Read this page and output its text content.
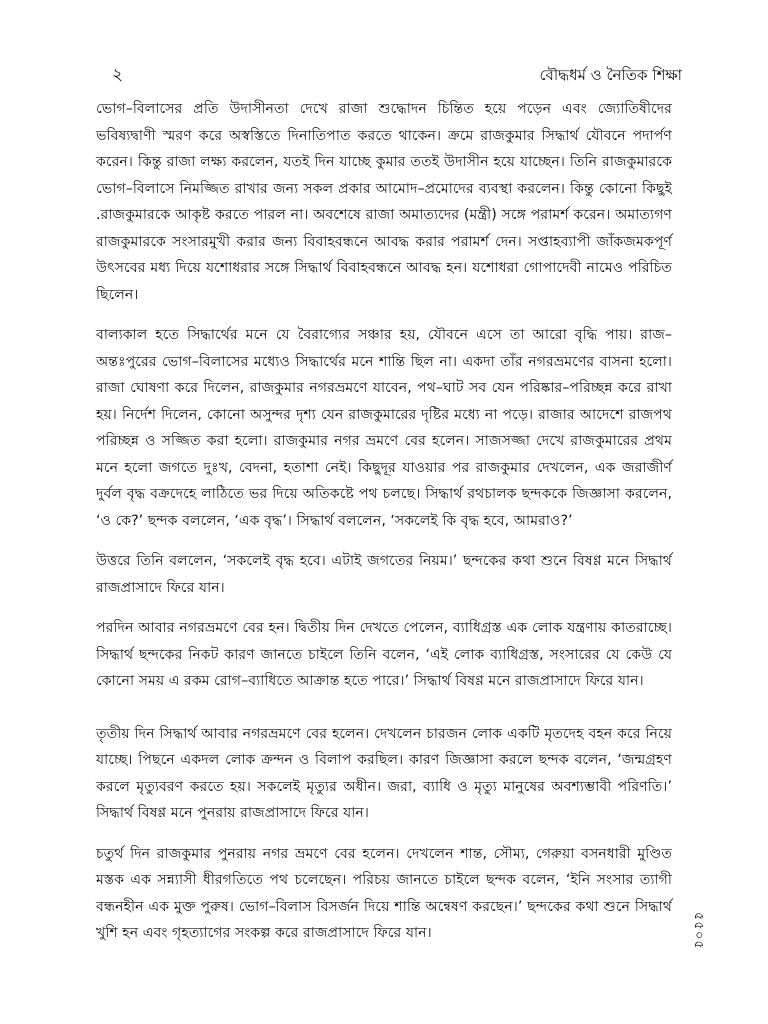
২	বৌদ্ধধর্ম ও নৈতিক শিক্ষা

ভোগ–বিলাসের প্রতি উদাসীনতা দেখে রাজা শুদ্ধোদন চিন্তিত হয়ে পড়েন এবং জ্যোতিষীদের ভবিষ্যদ্বাণী স্মরণ করে অস্বস্তিতে দিনাতিপাত করতে থাকেন। ক্রমে রাজকুমার সিদ্ধার্থ যৌবনে পদার্পণ করেন। কিন্তু রাজা লক্ষ্য করলেন, যতই দিন যাচ্ছে কুমার ততই উদাসীন হয়ে যাচ্ছেন। তিনি রাজকুমারকে ভোগ–বিলাসে নিমজ্জিত রাখার জন্য সকল প্রকার আমোদ–প্রমোদের ব্যবস্থা করলেন। কিন্তু কোনো কিছুই .রাজকুমারকে আকৃষ্ট করতে পারল না। অবশেষে রাজা অমাত্যদের (মন্ত্রী) সঙ্গে পরামর্শ করেন। অমাত্যগণ রাজকুমারকে সংসারমুখী করার জন্য বিবাহবন্ধনে আবদ্ধ করার পরামর্শ দেন। সপ্তাহব্যাপী জাঁকজমকপূর্ণ উৎসবের মধ্য দিয়ে যশোধরার সঙ্গে সিদ্ধার্থ বিবাহবন্ধনে আবদ্ধ হন। যশোধরা গোপাদেবী নামেও পরিচিত ছিলেন।

বাল্যকাল হতে সিদ্ধার্থের মনে যে বৈরাগ্যের সঞ্চার হয়, যৌবনে এসে তা আরো বৃদ্ধি পায়। রাজ–অন্তঃপুরের ভোগ–বিলাসের মধ্যেও সিদ্ধার্থের মনে শান্তি ছিল না। একদা তাঁর নগরভ্রমণের বাসনা হলো। রাজা ঘোষণা করে দিলেন, রাজকুমার নগরভ্রমণে যাবেন, পথ–ঘাট সব যেন পরিষ্কার–পরিচ্ছন্ন করে রাখা হয়। নির্দেশ দিলেন, কোনো অসুন্দর দৃশ্য যেন রাজকুমারের দৃষ্টির মধ্যে না পড়ে। রাজার আদেশে রাজপথ পরিচ্ছন্ন ও সজ্জিত করা হলো। রাজকুমার নগর ভ্রমণে বের হলেন। সাজসজ্জা দেখে রাজকুমারের প্রথম মনে হলো জগতে দুঃখ, বেদনা, হতাশা নেই। কিছুদূর যাওয়ার পর রাজকুমার দেখলেন, এক জরাজীর্ণ দুর্বল বৃদ্ধ বক্রদেহে লাঠিতে ভর দিয়ে অতিকষ্টে পথ চলছে। সিদ্ধার্থ রথচালক ছন্দককে জিজ্ঞাসা করলেন, ‘ও কে?’ ছন্দক বললেন, ‘এক বৃদ্ধ’। সিদ্ধার্থ বললেন, ‘সকলেই কি বৃদ্ধ হবে, আমরাও?’

উত্তরে তিনি বললেন, ‘সকলেই বৃদ্ধ হবে। এটাই জগতের নিয়ম।’ ছন্দকের কথা শুনে বিষণ্ণ মনে সিদ্ধার্থ রাজপ্রাসাদে ফিরে যান।

পরদিন আবার নগরভ্রমণে বের হন। দ্বিতীয় দিন দেখতে পেলেন, ব্যাধিগ্রস্ত এক লোক যন্ত্রণায় কাতরাচ্ছে। সিদ্ধার্থ ছন্দকের নিকট কারণ জানতে চাইলে তিনি বলেন, ‘এই লোক ব্যাধিগ্রস্ত, সংসারের যে কেউ যে কোনো সময় এ রকম রোগ–ব্যাধিতে আক্রান্ত হতে পারে।’ সিদ্ধার্থ বিষণ্ণ মনে রাজপ্রাসাদে ফিরে যান।

তৃতীয় দিন সিদ্ধার্থ আবার নগরভ্রমণে বের হলেন। দেখলেন চারজন লোক একটি মৃতদেহ বহন করে নিয়ে যাচ্ছে। পিছনে একদল লোক ক্রন্দন ও বিলাপ করছিল। কারণ জিজ্ঞাসা করলে ছন্দক বলেন, ‘জন্মগ্রহণ করলে মৃত্যুবরণ করতে হয়। সকলেই মৃত্যুর অধীন। জরা, ব্যাধি ও মৃত্যু মানুষের অবশ্যম্ভাবী পরিণতি।’ সিদ্ধার্থ বিষণ্ণ মনে পুনরায় রাজপ্রাসাদে ফিরে যান।

চতুর্থ দিন রাজকুমার পুনরায় নগর ভ্রমণে বের হলেন। দেখলেন শান্ত, সৌম্য, গেরুয়া বসনধারী মুণ্ডিত মস্তক এক সন্ন্যাসী ধীরগতিতে পথ চলেছেন। পরিচয় জানতে চাইলে ছন্দক বলেন, ‘ইনি সংসার ত্যাগী বন্ধনহীন এক মুক্ত পুরুষ। ভোগ–বিলাস বিসর্জন দিয়ে শান্তি অন্বেষণ করছেন।’ ছন্দকের কথা শুনে সিদ্ধার্থ খুশি হন এবং গৃহত্যাগের সংকল্প করে রাজপ্রাসাদে ফিরে যান।	৫৫০৫
